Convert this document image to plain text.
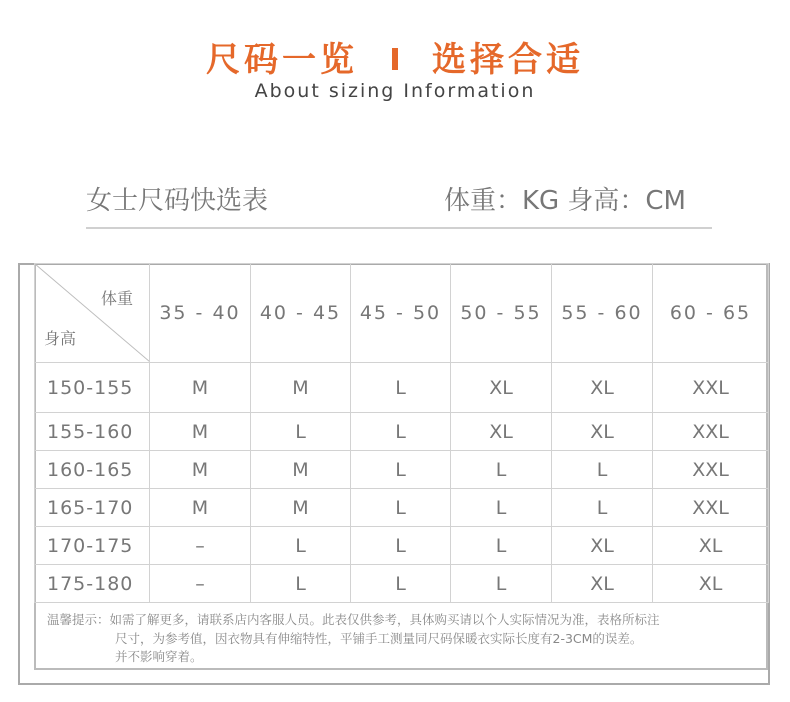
尺码一览 选择合适
About sizing Information
女士尺码快选表	体重：KG 身高：CM
体重
身高	35 - 40	40 - 45	45 - 50	50 - 55	55 - 60	60 - 65
150-155	M	M	L	XL	XL	XXL
155-160	M	L	L	XL	XL	XXL
160-165	M	M	L	L	L	XXL
165-170	M	M	L	L	L	XXL
170-175	–	L	L	L	XL	XL
175-180	–	L	L	L	XL	XL
温馨提示：如需了解更多，请联系店内客服人员。此表仅供参考，具体购买请以个人实际情况为准，表格所标注
尺寸，为参考值，因衣物具有伸缩特性，平铺手工测量同尺码保暖衣实际长度有2-3CM的误差。
并不影响穿着。
